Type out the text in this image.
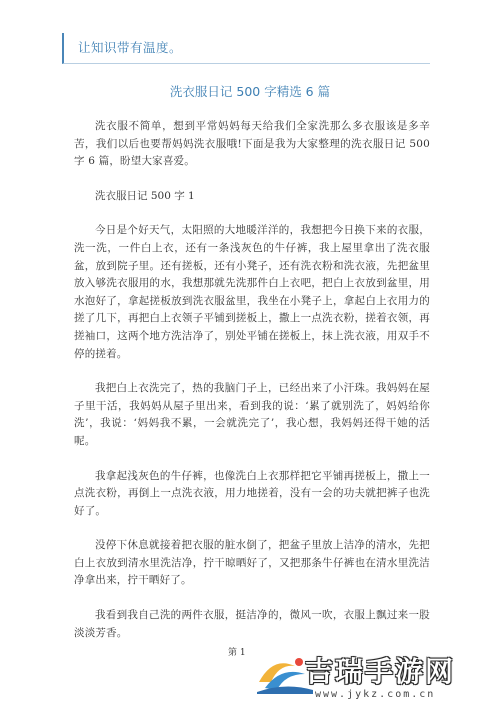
让知识带有温度。
洗衣服日记 500 字精选 6 篇

洗衣服不简单，想到平常妈妈每天给我们全家洗那么多衣服该是多辛苦，我们以后也要帮妈妈洗衣服哦!下面是我为大家整理的洗衣服日记 500 字 6 篇，盼望大家喜爱。

洗衣服日记 500 字 1

今日是个好天气，太阳照的大地暖洋洋的，我想把今日换下来的衣服，洗一洗，一件白上衣，还有一条浅灰色的牛仔裤，我上屋里拿出了洗衣服盆，放到院子里。还有搓板，还有小凳子，还有洗衣粉和洗衣液，先把盆里放入够洗衣服用的水，我想那就先洗那件白上衣吧，把白上衣放到盆里，用水泡好了，拿起搓板放到洗衣服盆里，我坐在小凳子上，拿起白上衣用力的搓了几下，再把白上衣领子平铺到搓板上，撒上一点洗衣粉，搓着衣领，再搓袖口，这两个地方洗洁净了，别处平铺在搓板上，抹上洗衣液，用双手不停的搓着。

我把白上衣洗完了，热的我脑门子上，已经出来了小汗珠。我妈妈在屋子里干活，我妈妈从屋子里出来，看到我的说：‘累了就别洗了，妈妈给你洗’，我说：‘妈妈我不累，一会就洗完了’，我心想，我妈妈还得干她的活呢。

我拿起浅灰色的牛仔裤，也像洗白上衣那样把它平铺再搓板上，撒上一点洗衣粉，再倒上一点洗衣液，用力地搓着，没有一会的功夫就把裤子也洗好了。

没停下休息就接着把衣服的脏水倒了，把盆子里放上洁净的清水，先把白上衣放到清水里洗洁净，拧干晾晒好了，又把那条牛仔裤也在清水里洗洁净拿出来，拧干晒好了。

我看到我自己洗的两件衣服，挺洁净的，微风一吹，衣服上飘过来一股淡淡芳香。

第 1
吉瑞手游网
www.jykz.com.cn
